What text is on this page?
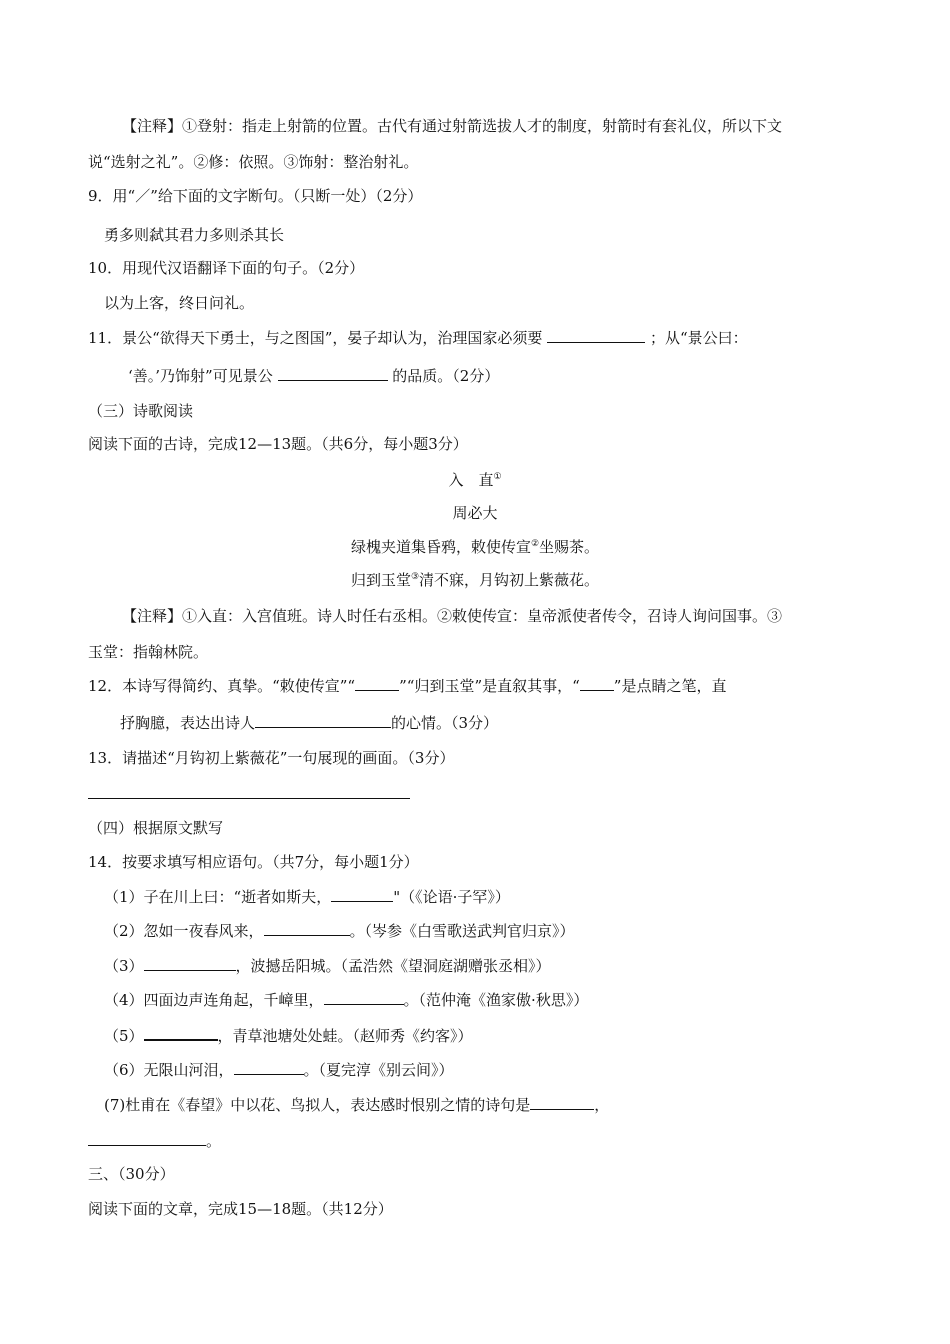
【注释】①登射：指走上射箭的位置。古代有通过射箭选拔人才的制度，射箭时有套礼仪，所以下文
说“选射之礼”。②修：依照。③饰射：整治射礼。
9．用“／”给下面的文字断句。（只断一处）（2分）
勇多则弑其君力多则杀其长
10．用现代汉语翻译下面的句子。（2分）
以为上客，终日问礼。
11．景公“欲得天下勇士，与之图国”，晏子却认为，治理国家必须要	；从“景公曰：
‘善。’乃饰射”可见景公	的品质。（2分）
（三）诗歌阅读
阅读下面的古诗，完成12—13题。（共6分，每小题3分）
入　直①
周必大
绿槐夹道集昏鸦，敕使传宣②坐赐茶。
归到玉堂③清不寐，月钩初上紫薇花。
【注释】①入直：入宫值班。诗人时任右丞相。②敕使传宣：皇帝派使者传令，召诗人询问国事。③
玉堂：指翰林院。
12．本诗写得简约、真挚。“敕使传宣”“	”“归到玉堂”是直叙其事，“ ”是点睛之笔，直
抒胸臆，表达出诗人	的心情。（3分）
13．请描述“月钩初上紫薇花”一句展现的画面。（3分）
（四）根据原文默写
14．按要求填写相应语句。（共7分，每小题1分）
（1）子在川上曰：“逝者如斯夫，	"（《论语·子罕》）
（2）忽如一夜春风来，	。（岑参《白雪歌送武判官归京》）
（3）	，波撼岳阳城。（孟浩然《望洞庭湖赠张丞相》）
（4）四面边声连角起，千嶂里，	。（范仲淹《渔家傲·秋思》）
（5）	，青草池塘处处蛙。（赵师秀《约客》）
（6）无限山河泪，	。（夏完淳《别云间》）
(7)杜甫在《春望》中以花、鸟拟人，表达感时恨别之情的诗句是	，
。
三、（30分）
阅读下面的文章，完成15—18题。（共12分）
